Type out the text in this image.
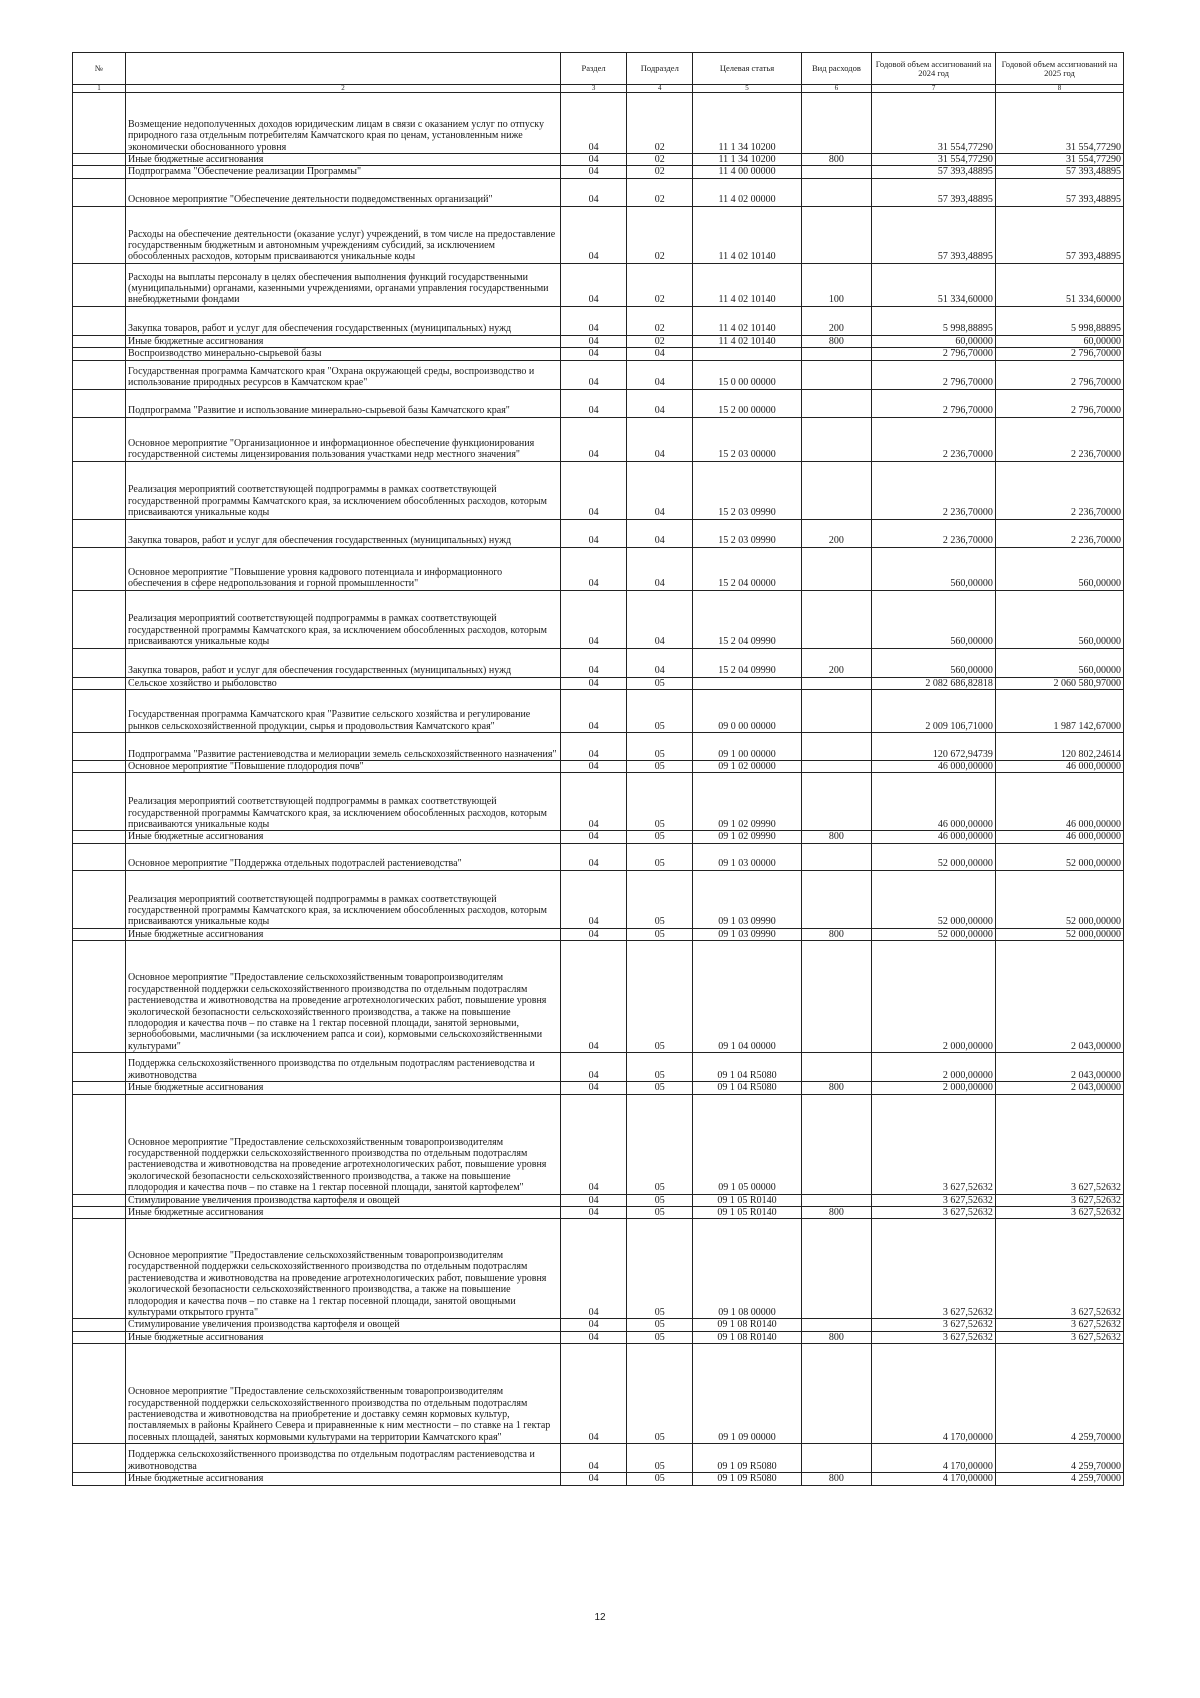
№		Раздел	Подраздел	Целевая статья	Вид расходов	Годовой объем ассигнований на 2024 год	Годовой объем ассигнований на 2025 год
1	2	3	4	5	6	7	8
	Возмещение недополученных доходов юридическим лицам в связи с оказанием услуг по отпуску природного газа отдельным потребителям Камчатского края по ценам, установленным ниже экономически обоснованного уровня	04	02	11 1 34 10200		31 554,77290	31 554,77290
	Иные бюджетные ассигнования	04	02	11 1 34 10200	800	31 554,77290	31 554,77290
	Подпрограмма "Обеспечение реализации Программы"	04	02	11 4 00 00000		57 393,48895	57 393,48895
	Основное мероприятие "Обеспечение деятельности подведомственных организаций"	04	02	11 4 02 00000		57 393,48895	57 393,48895
	Расходы на обеспечение деятельности (оказание услуг) учреждений, в том числе на предоставление государственным бюджетным и автономным учреждениям субсидий, за исключением обособленных расходов, которым присваиваются уникальные коды	04	02	11 4 02 10140		57 393,48895	57 393,48895
	Расходы на выплаты персоналу в целях обеспечения выполнения функций государственными (муниципальными) органами, казенными учреждениями, органами управления государственными внебюджетными фондами	04	02	11 4 02 10140	100	51 334,60000	51 334,60000
	Закупка товаров, работ и услуг для обеспечения государственных (муниципальных) нужд	04	02	11 4 02 10140	200	5 998,88895	5 998,88895
	Иные бюджетные ассигнования	04	02	11 4 02 10140	800	60,00000	60,00000
	Воспроизводство минерально-сырьевой базы	04	04			2 796,70000	2 796,70000
	Государственная программа Камчатского края "Охрана окружающей среды, воспроизводство и использование природных ресурсов в Камчатском крае"	04	04	15 0 00 00000		2 796,70000	2 796,70000
	Подпрограмма "Развитие и использование минерально-сырьевой базы Камчатского края"	04	04	15 2 00 00000		2 796,70000	2 796,70000
	Основное мероприятие "Организационное и информационное обеспечение функционирования государственной системы лицензирования пользования участками недр местного значения"	04	04	15 2 03 00000		2 236,70000	2 236,70000
	Реализация мероприятий соответствующей подпрограммы в рамках соответствующей государственной программы Камчатского края, за исключением обособленных расходов, которым присваиваются уникальные коды	04	04	15 2 03 09990		2 236,70000	2 236,70000
	Закупка товаров, работ и услуг для обеспечения государственных (муниципальных) нужд	04	04	15 2 03 09990	200	2 236,70000	2 236,70000
	Основное мероприятие "Повышение уровня кадрового потенциала и информационного обеспечения в сфере недропользования и горной промышленности"	04	04	15 2 04 00000		560,00000	560,00000
	Реализация мероприятий соответствующей подпрограммы в рамках соответствующей государственной программы Камчатского края, за исключением обособленных расходов, которым присваиваются уникальные коды	04	04	15 2 04 09990		560,00000	560,00000
	Закупка товаров, работ и услуг для обеспечения государственных (муниципальных) нужд	04	04	15 2 04 09990	200	560,00000	560,00000
	Сельское хозяйство и рыболовство	04	05			2 082 686,82818	2 060 580,97000
	Государственная программа Камчатского края "Развитие сельского хозяйства и регулирование рынков сельскохозяйственной продукции, сырья и продовольствия Камчатского края"	04	05	09 0 00 00000		2 009 106,71000	1 987 142,67000
	Подпрограмма "Развитие растениеводства и мелиорации земель сельскохозяйственного назначения"	04	05	09 1 00 00000		120 672,94739	120 802,24614
	Основное мероприятие "Повышение плодородия почв"	04	05	09 1 02 00000		46 000,00000	46 000,00000
	Реализация мероприятий соответствующей подпрограммы в рамках соответствующей государственной программы Камчатского края, за исключением обособленных расходов, которым присваиваются уникальные коды	04	05	09 1 02 09990		46 000,00000	46 000,00000
	Иные бюджетные ассигнования	04	05	09 1 02 09990	800	46 000,00000	46 000,00000
	Основное мероприятие "Поддержка отдельных подотраслей растениеводства"	04	05	09 1 03 00000		52 000,00000	52 000,00000
	Реализация мероприятий соответствующей подпрограммы в рамках соответствующей государственной программы Камчатского края, за исключением обособленных расходов, которым присваиваются уникальные коды	04	05	09 1 03 09990		52 000,00000	52 000,00000
	Иные бюджетные ассигнования	04	05	09 1 03 09990	800	52 000,00000	52 000,00000
	Основное мероприятие "Предоставление сельскохозяйственным товаропроизводителям государственной поддержки сельскохозяйственного производства по отдельным подотраслям растениеводства и животноводства на проведение агротехнологических работ, повышение уровня экологической безопасности сельскохозяйственного производства, а также на повышение плодородия и качества почв – по ставке на 1 гектар посевной площади, занятой зерновыми, зернобобовыми, масличными (за исключением рапса и сои), кормовыми сельскохозяйственными культурами"	04	05	09 1 04 00000		2 000,00000	2 043,00000
	Поддержка сельскохозяйственного производства по отдельным подотраслям растениеводства и животноводства	04	05	09 1 04 R5080		2 000,00000	2 043,00000
	Иные бюджетные ассигнования	04	05	09 1 04 R5080	800	2 000,00000	2 043,00000
	Основное мероприятие "Предоставление сельскохозяйственным товаропроизводителям государственной поддержки сельскохозяйственного производства по отдельным подотраслям растениеводства и животноводства на проведение агротехнологических работ, повышение уровня экологической безопасности сельскохозяйственного производства, а также на повышение плодородия и качества почв – по ставке на 1 гектар посевной площади, занятой картофелем"	04	05	09 1 05 00000		3 627,52632	3 627,52632
	Стимулирование увеличения производства картофеля и овощей	04	05	09 1 05 R0140		3 627,52632	3 627,52632
	Иные бюджетные ассигнования	04	05	09 1 05 R0140	800	3 627,52632	3 627,52632
	Основное мероприятие "Предоставление сельскохозяйственным товаропроизводителям государственной поддержки сельскохозяйственного производства по отдельным подотраслям растениеводства и животноводства на проведение агротехнологических работ, повышение уровня экологической безопасности сельскохозяйственного производства, а также на повышение плодородия и качества почв – по ставке на 1 гектар посевной площади, занятой овощными культурами открытого грунта"	04	05	09 1 08 00000		3 627,52632	3 627,52632
	Стимулирование увеличения производства картофеля и овощей	04	05	09 1 08 R0140		3 627,52632	3 627,52632
	Иные бюджетные ассигнования	04	05	09 1 08 R0140	800	3 627,52632	3 627,52632
	Основное мероприятие "Предоставление сельскохозяйственным товаропроизводителям государственной поддержки сельскохозяйственного производства по отдельным подотраслям растениеводства и животноводства на приобретение и доставку семян кормовых культур, поставляемых в районы Крайнего Севера и приравненные к ним местности – по ставке на 1 гектар посевных площадей, занятых кормовыми культурами на территории Камчатского края"	04	05	09 1 09 00000		4 170,00000	4 259,70000
	Поддержка сельскохозяйственного производства по отдельным подотраслям растениеводства и животноводства	04	05	09 1 09 R5080		4 170,00000	4 259,70000
	Иные бюджетные ассигнования	04	05	09 1 09 R5080	800	4 170,00000	4 259,70000
12
